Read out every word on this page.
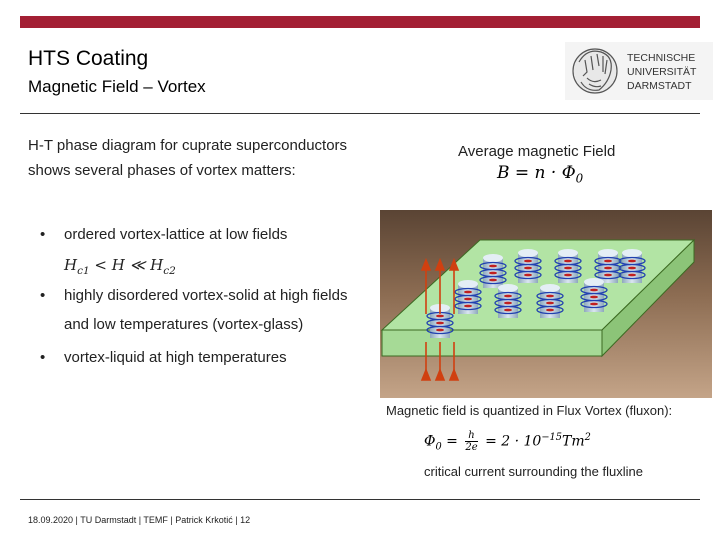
HTS Coating
Magnetic Field – Vortex
TECHNISCHE
UNIVERSITÄT
DARMSTADT
H-T phase diagram for cuprate superconductors
shows several phases of vortex matters:
• ordered vortex-lattice at low fields
$H_{c1} < H$ ≪ $H_{c2}$
• highly disordered vortex-solid at high fields
and low temperatures (vortex-glass)
• vortex-liquid at high temperatures
Average magnetic Field
$B = n \cdot \Phi_0$
Magnetic field is quantized in Flux Vortex (fluxon):
$\Phi_0 = \frac{h}{2e} = 2 \cdot 10^{-15}Tm^2$
critical current surrounding the fluxline
18.09.2020 | TU Darmstadt | TEMF | Patrick Krkotić | 12
